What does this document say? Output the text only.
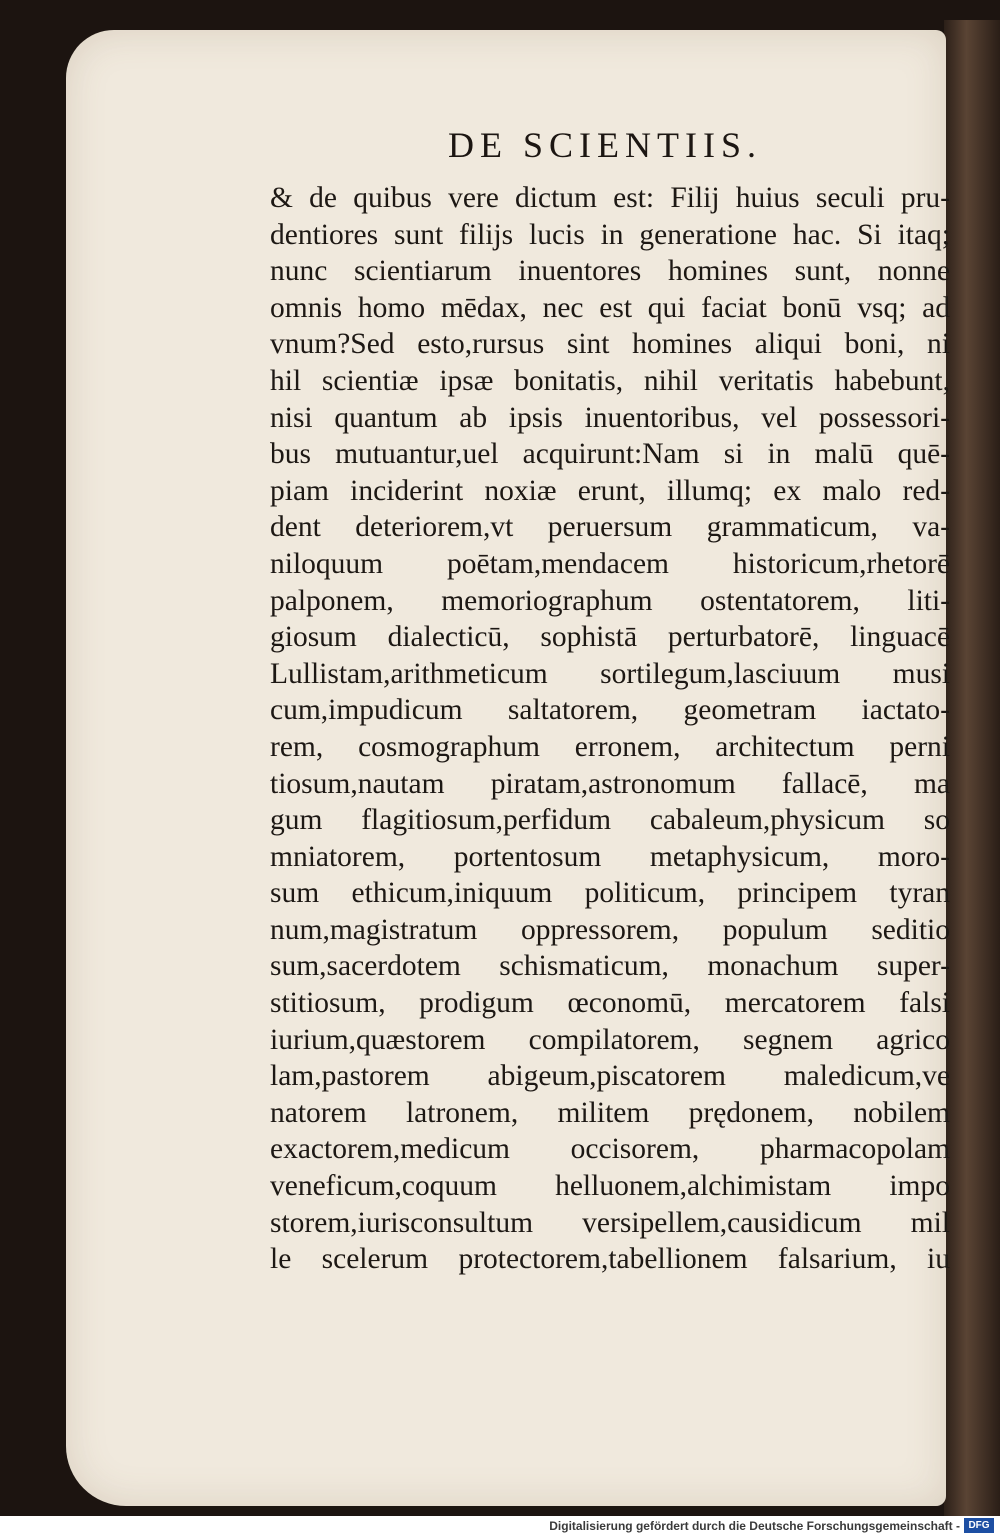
DE SCIENTIIS.
& de quibus vere dictum est: Filij huius seculi pru-
dentiores sunt filijs lucis in generatione hac. Si itaq;
nunc scientiarum inuentores homines sunt, nonne
omnis homo mēdax, nec est qui faciat bonū vsq; ad
vnum?Sed esto,rursus sint homines aliqui boni, ni
hil scientiæ ipsæ bonitatis, nihil veritatis habebunt,
nisi quantum ab ipsis inuentoribus, vel possessori-
bus mutuantur,uel acquirunt:Nam si in malū quē-
piam inciderint noxiæ erunt, illumq; ex malo red-
dent deteriorem,vt peruersum grammaticum, va-
niloquum poētam,mendacem historicum,rhetorē
palponem, memoriographum ostentatorem, liti-
giosum dialecticū, sophistā perturbatorē, linguacē
Lullistam,arithmeticum sortilegum,lasciuum musi
cum,impudicum saltatorem, geometram iactato-
rem, cosmographum erronem, architectum perni
tiosum,nautam piratam,astronomum fallacē, ma
gum flagitiosum,perfidum cabaleum,physicum so
mniatorem, portentosum metaphysicum, moro-
sum ethicum,iniquum politicum, principem tyran
num,magistratum oppressorem, populum seditio
sum,sacerdotem schismaticum, monachum super-
stitiosum, prodigum œconomū, mercatorem falsi
iurium,quæstorem compilatorem, segnem agrico
lam,pastorem abigeum,piscatorem maledicum,ve
natorem latronem, militem prędonem, nobilem
exactorem,medicum occisorem, pharmacopolam
veneficum,coquum helluonem,alchimistam impo
storem,iurisconsultum versipellem,causidicum mil
le scelerum protectorem,tabellionem falsarium, iu
Digitalisierung gefördert durch die Deutsche Forschungsgemeinschaft - DFG
